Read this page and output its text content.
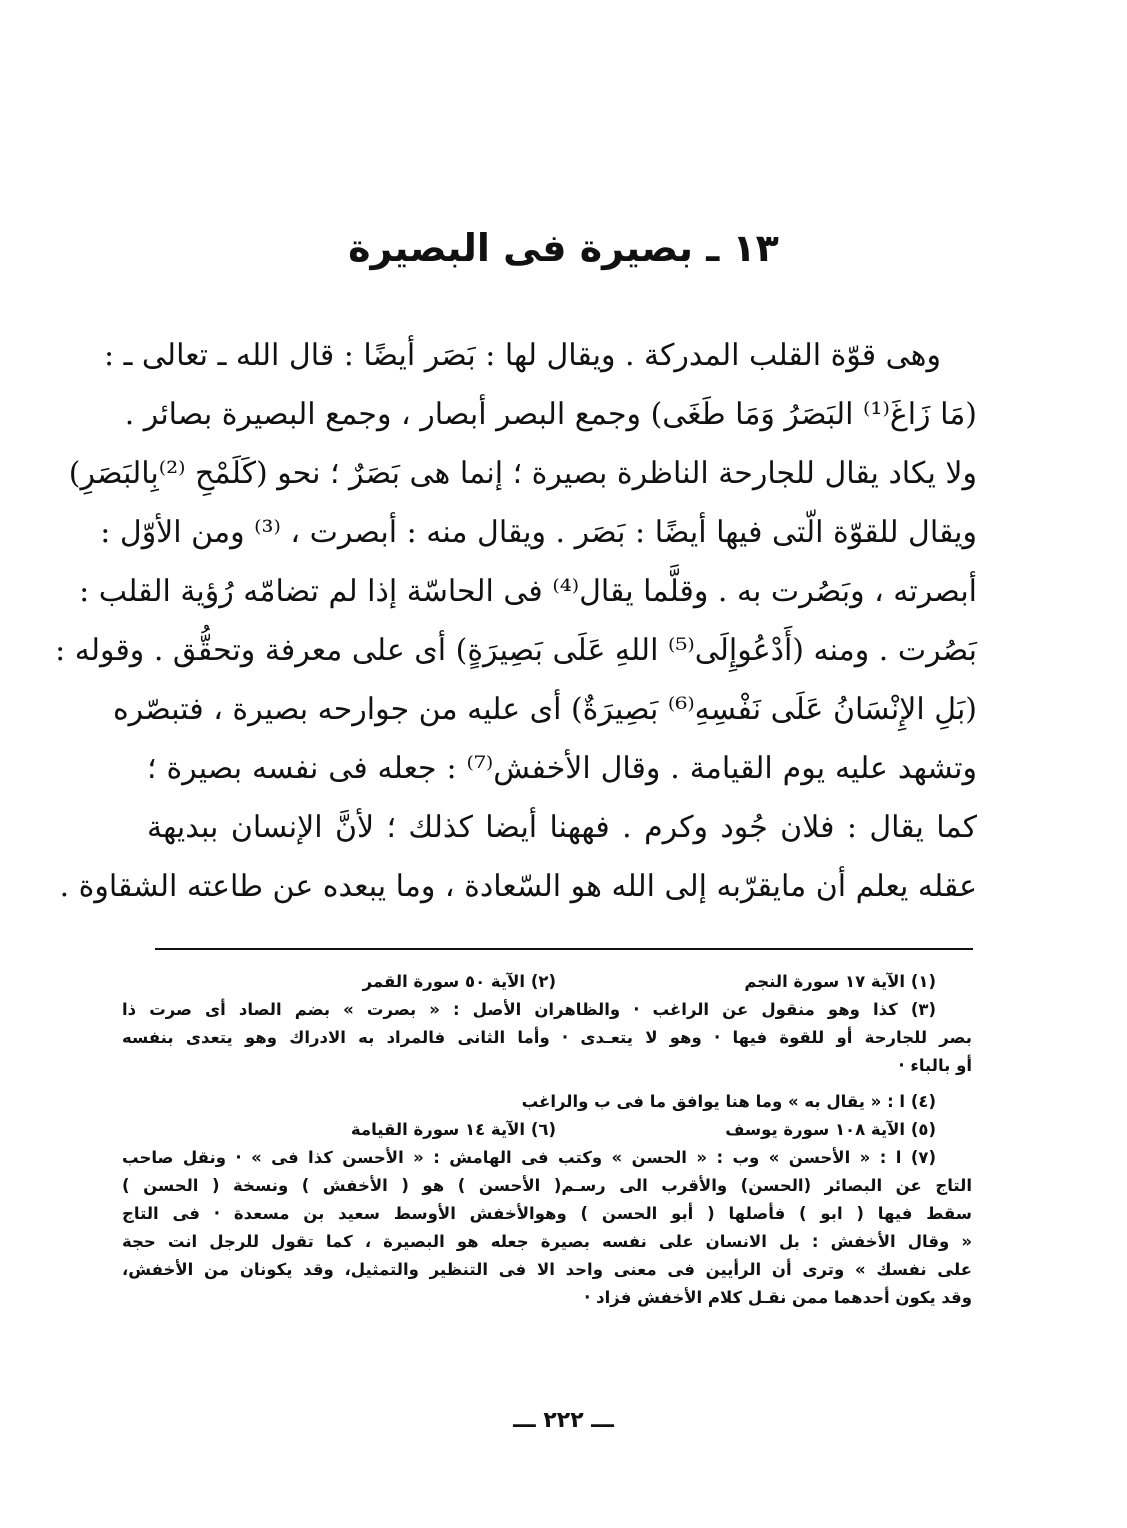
١٣ ـ بصيرة فى البصيرة
وهى قوّة القلب المدركة . ويقال لها : بَصَر أيضًا : قال الله ـ تعالى ـ :
(مَا زَاغَ⁽¹⁾ البَصَرُ وَمَا طَغَى) وجمع البصر أبصار ، وجمع البصيرة بصائر .
ولا يكاد يقال للجارحة الناظرة بصيرة ؛ إنما هى بَصَرٌ ؛ نحو (كَلَمْحِ ⁽²⁾بِالبَصَرِ)
ويقال للقوّة الّتى فيها أيضًا : بَصَر . ويقال منه : أبصرت ، ⁽³⁾ ومن الأوّل :
أبصرته ، وبَصُرت به . وقلَّما يقال⁽⁴⁾ فى الحاسّة إذا لم تضامّه رُؤية القلب :
بَصُرت . ومنه (أَدْعُوإِلَى⁽⁵⁾ اللهِ عَلَى بَصِيرَةٍ) أى على معرفة وتحقُّق . وقوله :
(بَلِ الإِنْسَانُ عَلَى نَفْسِهِ⁽⁶⁾ بَصِيرَةٌ) أى عليه من جوارحه بصيرة ، فتبصّره
وتشهد عليه يوم القيامة . وقال الأخفش⁽⁷⁾ : جعله فى نفسه بصيرة ؛
كما يقال : فلان جُود وكرم . فههنا أيضا كذلك ؛ لأنَّ الإنسان ببديهة
عقله يعلم أن مايقرّبه إلى الله هو السّعادة ، وما يبعده عن طاعته الشقاوة .
(١) الآية ١٧ سورة النجم
(٢) الآية ٥٠ سورة القمر
(٣) كذا وهو منقول عن الراغب · والظاهران الأصل : « بصرت » بضم الصاد أى صرت ذا
بصر للجارحة أو للقوة فيها · وهو لا يتعـدى · وأما الثانى فالمراد به الادراك وهو يتعدى بنفسه
أو بالباء ·
(٤) ا : « يقال به » وما هنا يوافق ما فى ب والراغب
(٥) الآية ١٠٨ سورة يوسف
(٦) الآية ١٤ سورة القيامة
(٧) ا : « الأحسن » وب : « الحسن » وكتب فى الهامش : « الأحسن كذا فى » · ونقل صاحب
التاج عن البصائر (الحسن) والأقرب الى رسـم( الأحسن ) هو ( الأخفش ) ونسخة ( الحسن )
سقط فيها ( ابو ) فأصلها ( أبو الحسن ) وهوالأخفش الأوسط سعيد بن مسعدة · فى التاج
« وقال الأخفش : بل الانسان على نفسه بصيرة جعله هو البصيرة ، كما تقول للرجل انت حجة
على نفسك » وترى أن الرأيين فى معنى واحد الا فى التنظير والتمثيل، وقد يكونان من الأخفش،
وقد يكون أحدهما ممن نقـل كلام الأخفش فزاد ·
ـــ ٢٢٢ ـــ
